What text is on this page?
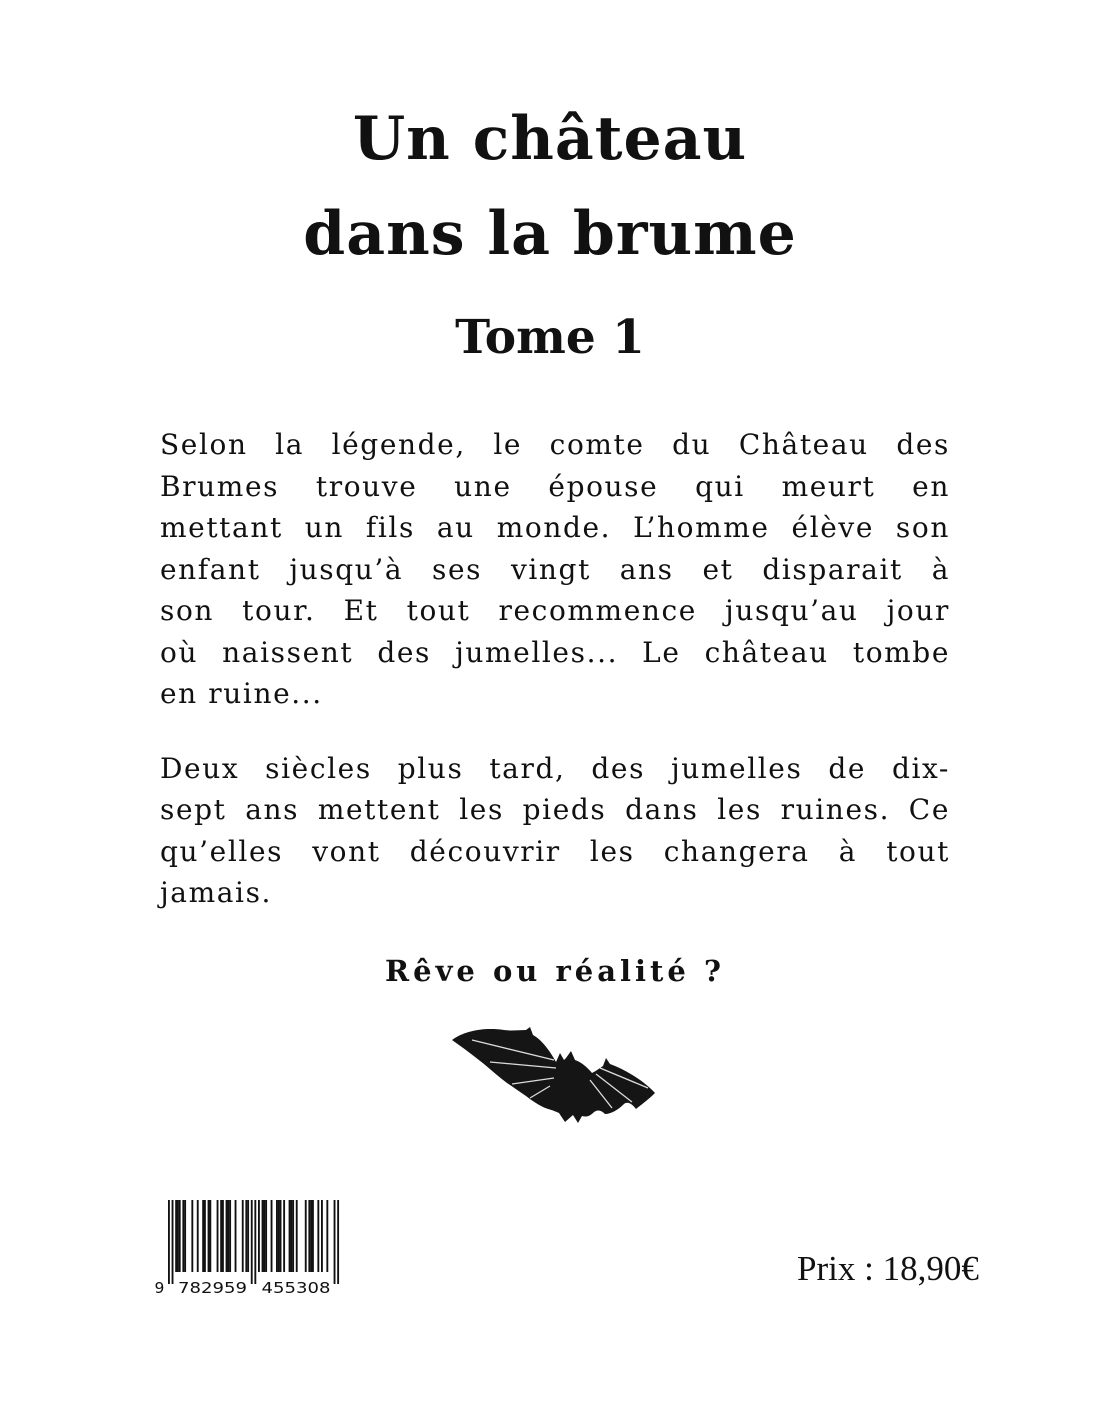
Un château
dans la brume
Tome 1
Selon la légende, le comte du Château des
Brumes trouve une épouse qui meurt en
mettant un fils au monde. L’homme élève son
enfant jusqu’à ses vingt ans et disparait à
son tour. Et tout recommence jusqu’au jour
où naissent des jumelles... Le château tombe
en ruine...
Deux siècles plus tard, des jumelles de dix-
sept ans mettent les pieds dans les ruines. Ce
qu’elles vont découvrir les changera à tout
jamais.
Rêve ou réalité ?
9 782959 455308	Prix : 18,90€
